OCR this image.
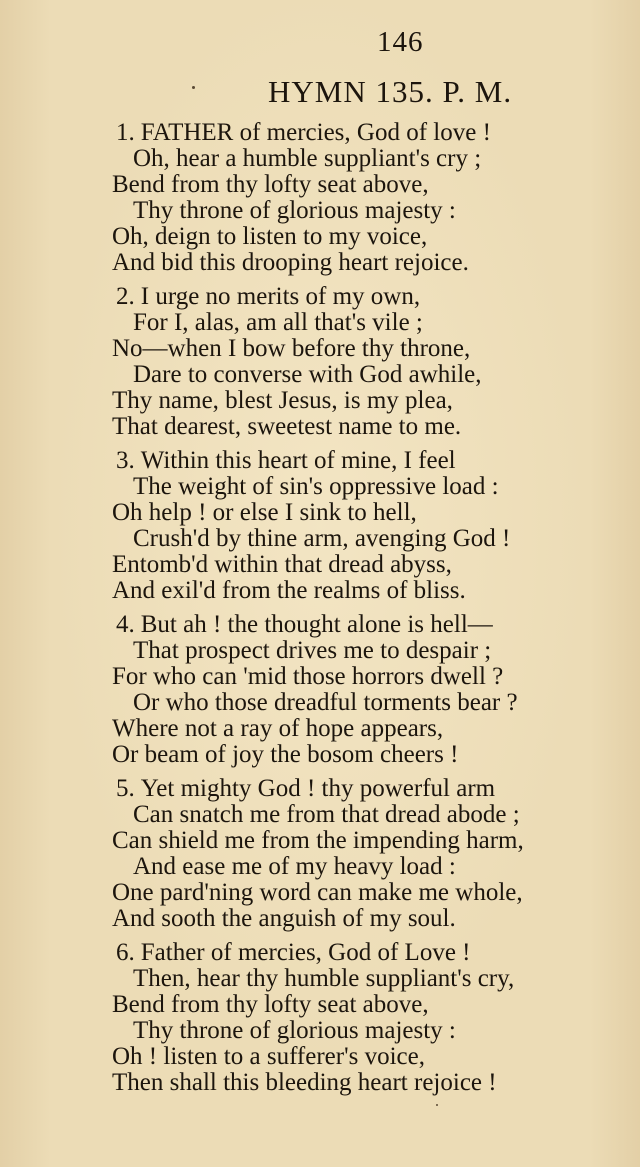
146
HYMN 135. P. M.
1. FATHER of mercies, God of love !
Oh, hear a humble suppliant's cry ;
Bend from thy lofty seat above,
Thy throne of glorious majesty :
Oh, deign to listen to my voice,
And bid this drooping heart rejoice.
2. I urge no merits of my own,
For I, alas, am all that's vile ;
No—when I bow before thy throne,
Dare to converse with God awhile,
Thy name, blest Jesus, is my plea,
That dearest, sweetest name to me.
3. Within this heart of mine, I feel
The weight of sin's oppressive load :
Oh help ! or else I sink to hell,
Crush'd by thine arm, avenging God !
Entomb'd within that dread abyss,
And exil'd from the realms of bliss.
4. But ah ! the thought alone is hell—
That prospect drives me to despair ;
For who can 'mid those horrors dwell ?
Or who those dreadful torments bear ?
Where not a ray of hope appears,
Or beam of joy the bosom cheers !
5. Yet mighty God ! thy powerful arm
Can snatch me from that dread abode ;
Can shield me from the impending harm,
And ease me of my heavy load :
One pard'ning word can make me whole,
And sooth the anguish of my soul.
6. Father of mercies, God of Love !
Then, hear thy humble suppliant's cry,
Bend from thy lofty seat above,
Thy throne of glorious majesty :
Oh ! listen to a sufferer's voice,
Then shall this bleeding heart rejoice !
